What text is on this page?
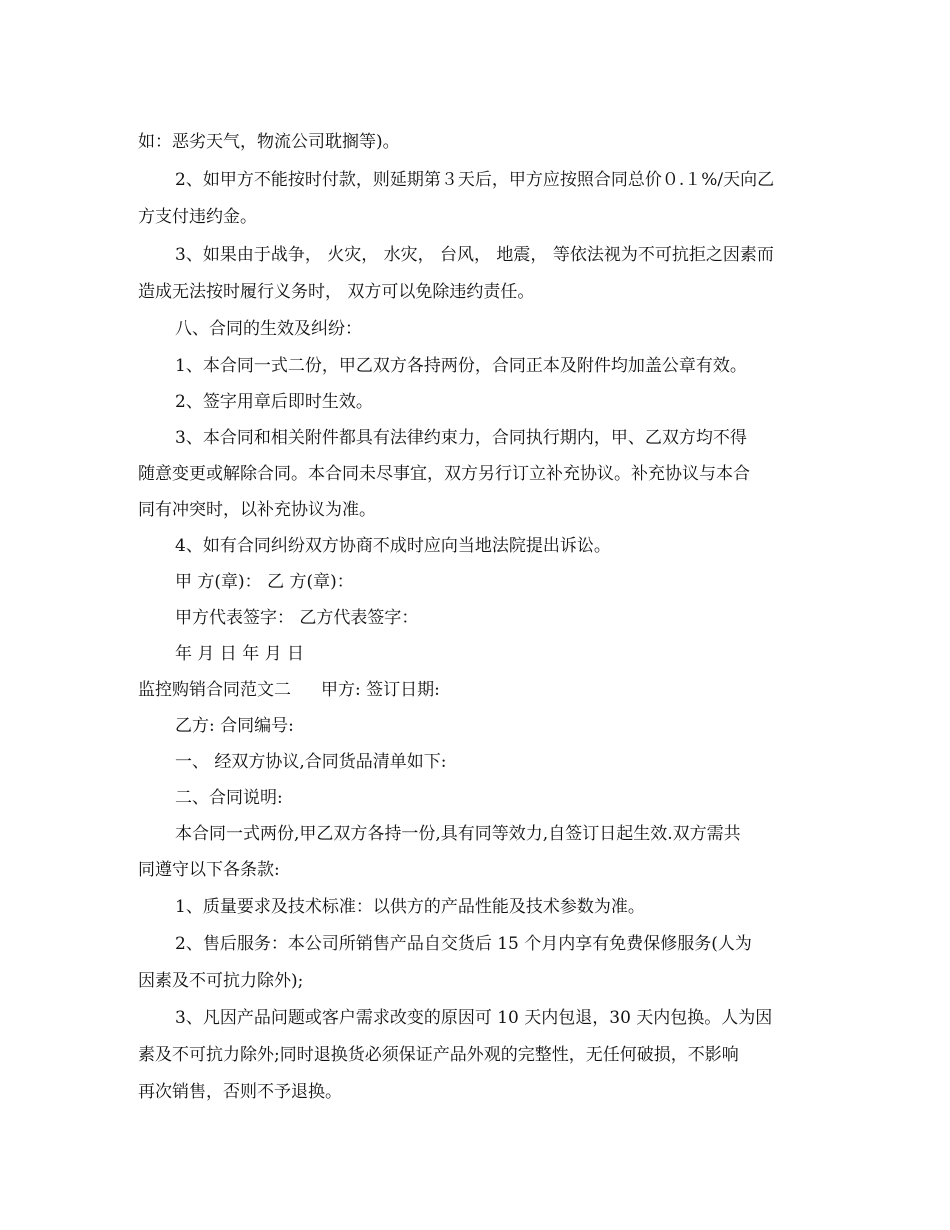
如：恶劣天气，物流公司耽搁等)。
2、如甲方不能按时付款，则延期第３天后，甲方应按照合同总价０.１%/天向乙
方支付违约金。
3、如果由于战争， 火灾， 水灾， 台风， 地震， 等依法视为不可抗拒之因素而
造成无法按时履行义务时， 双方可以免除违约责任。
八、合同的生效及纠纷：
1、本合同一式二份，甲乙双方各持两份，合同正本及附件均加盖公章有效。
2、签字用章后即时生效。
3、本合同和相关附件都具有法律约束力，合同执行期内，甲、乙双方均不得
随意变更或解除合同。本合同未尽事宜，双方另行订立补充协议。补充协议与本合
同有冲突时，以补充协议为准。
4、如有合同纠纷双方协商不成时应向当地法院提出诉讼。
甲 方(章)： 乙 方(章)：
甲方代表签字： 乙方代表签字：
年 月 日 年 月 日
监控购销合同范文二 甲方: 签订日期:
乙方: 合同编号:
一、 经双方协议,合同货品清单如下:
二、合同说明:
本合同一式两份,甲乙双方各持一份,具有同等效力,自签订日起生效.双方需共
同遵守以下各条款:
1、质量要求及技术标准：以供方的产品性能及技术参数为准。
2、售后服务：本公司所销售产品自交货后 15 个月内享有免费保修服务(人为
因素及不可抗力除外);
3、凡因产品问题或客户需求改变的原因可 10 天内包退，30 天内包换。人为因
素及不可抗力除外;同时退换货必须保证产品外观的完整性，无任何破损，不影响
再次销售，否则不予退换。
